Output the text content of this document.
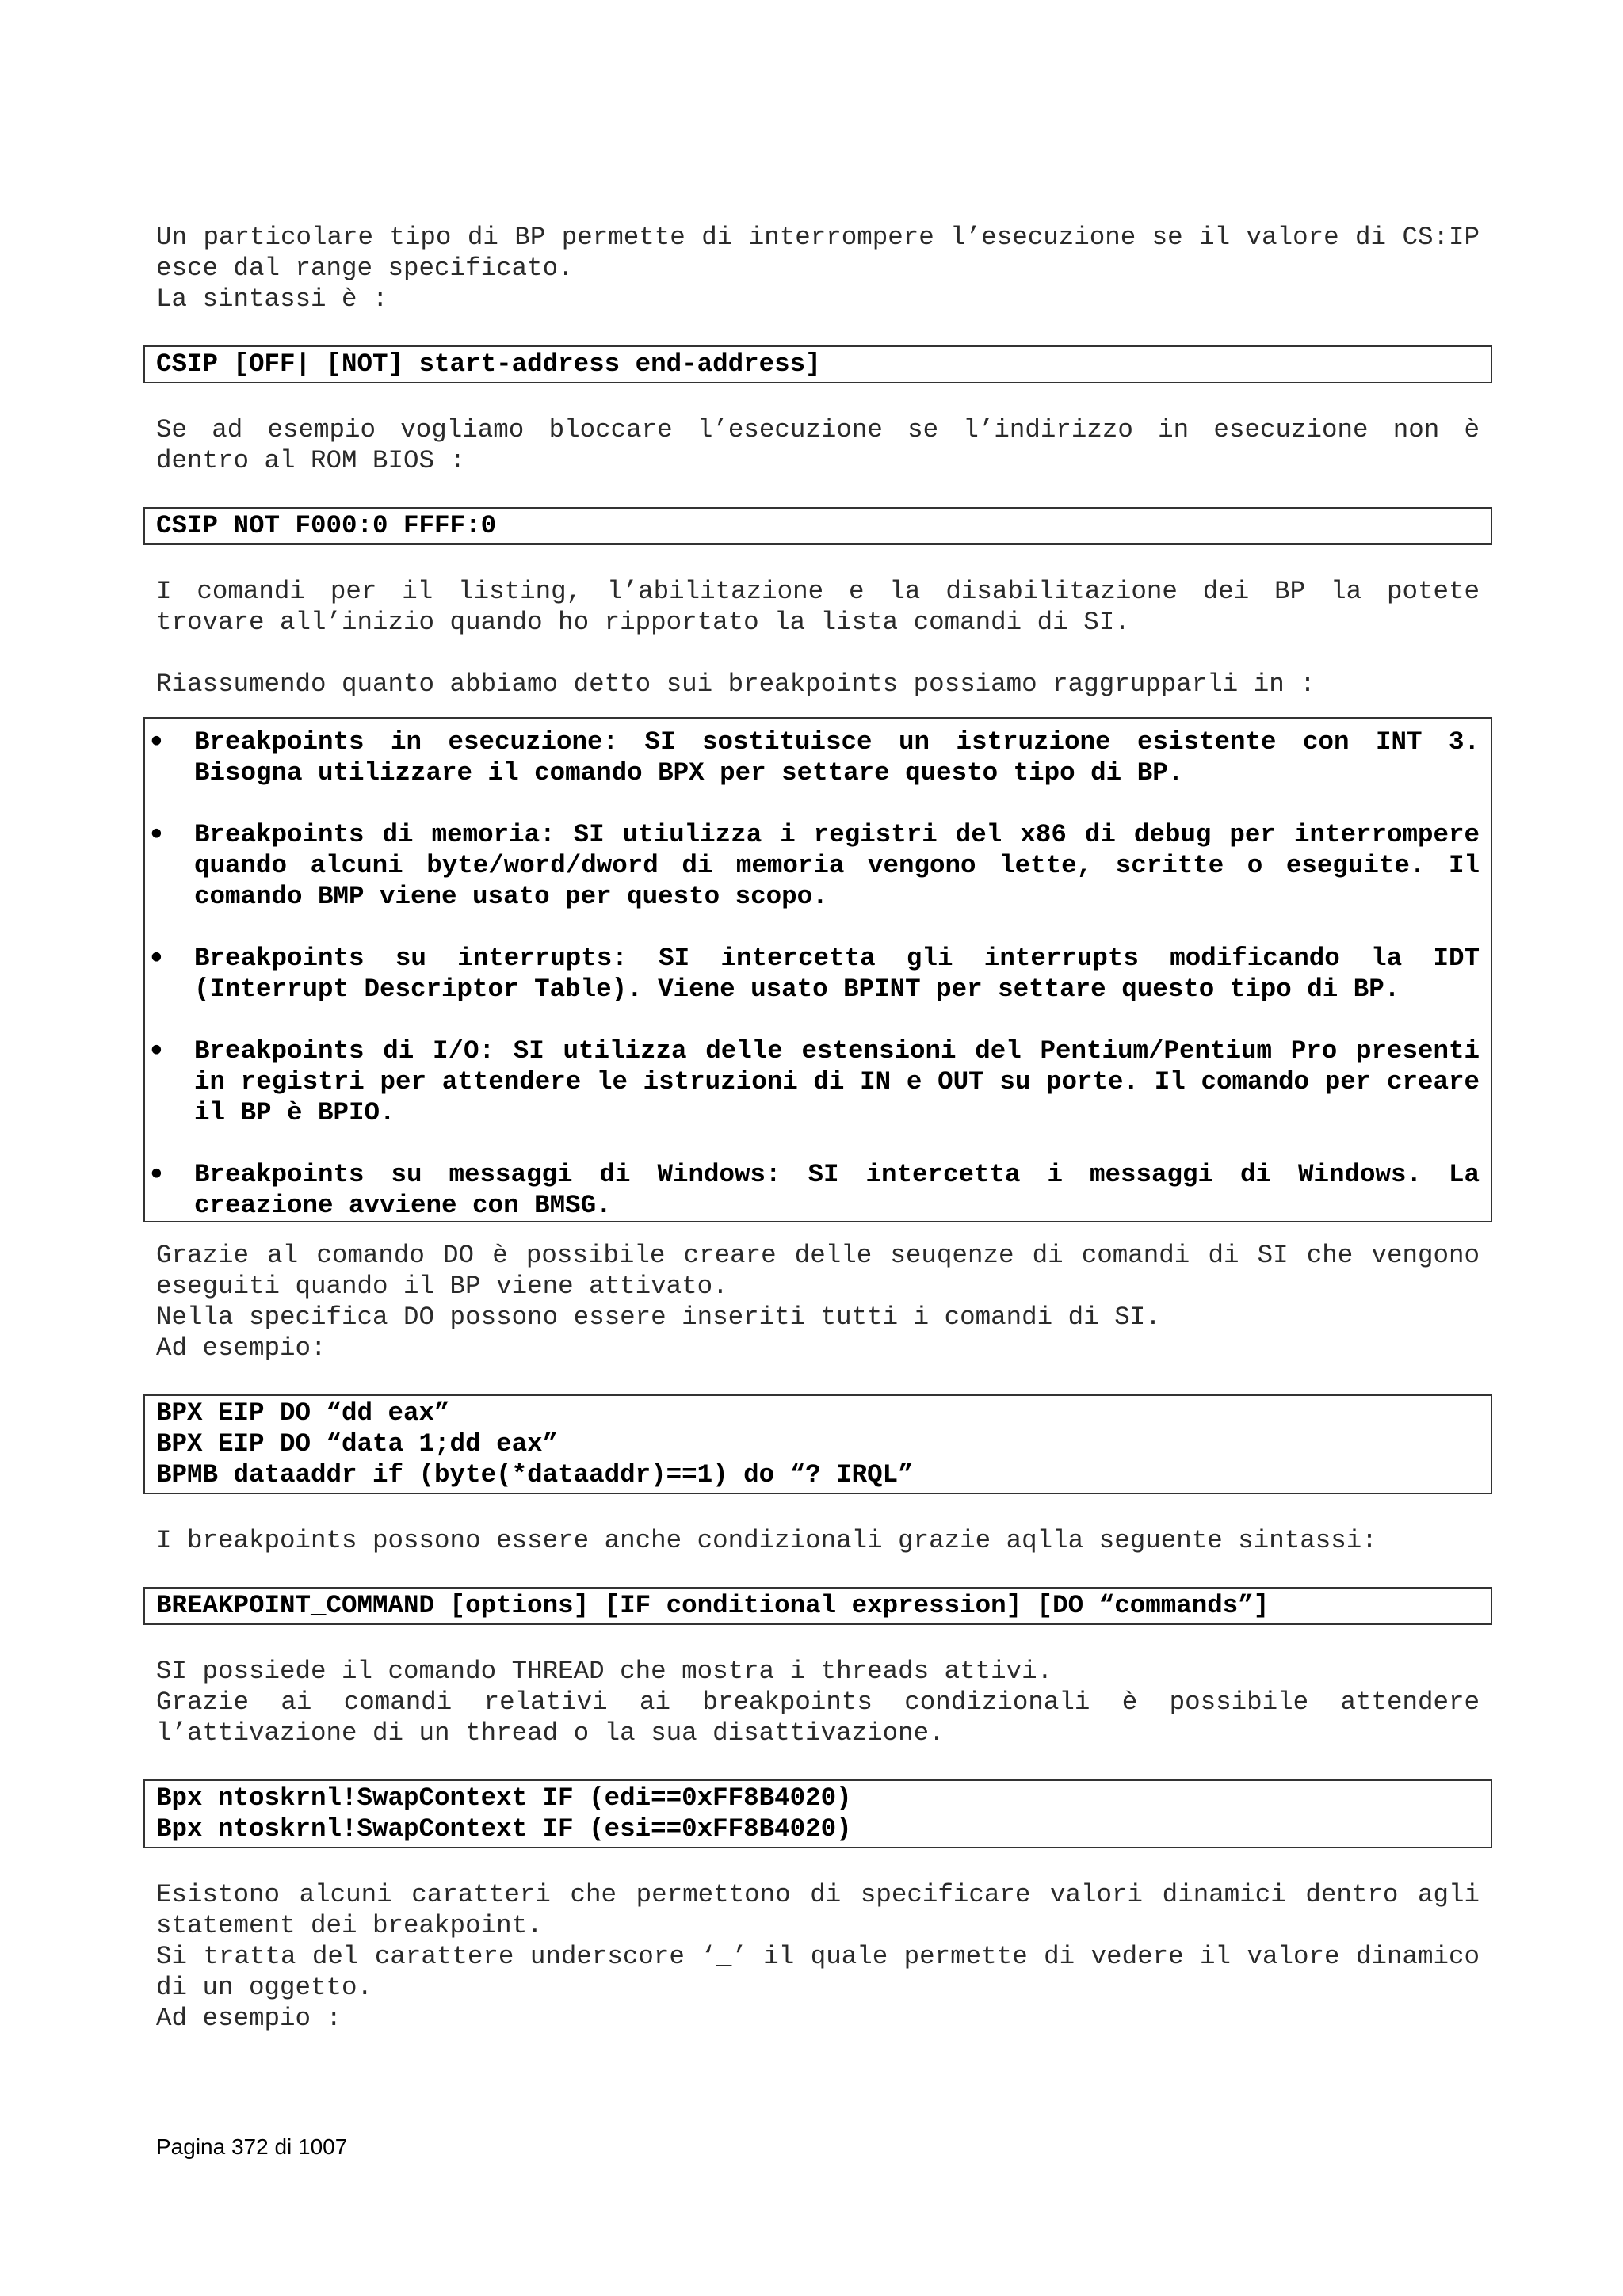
Un particolare tipo di BP permette di interrompere l’esecuzione se il valore di CS:IP esce dal range specificato.

La sintassi è :

CSIP [OFF| [NOT] start-address end-address]

Se ad esempio vogliamo bloccare l’esecuzione se l’indirizzo in esecuzione non è dentro al ROM BIOS :

CSIP NOT F000:0 FFFF:0

I comandi per il listing, l’abilitazione e la disabilitazione dei BP la potete trovare all’inizio quando ho ripportato la lista comandi di SI.

Riassumendo quanto abbiamo detto sui breakpoints possiamo raggrupparli in :

• Breakpoints in esecuzione: SI sostituisce un istruzione esistente con INT 3. Bisogna utilizzare il comando BPX per settare questo tipo di BP.
• Breakpoints di memoria: SI utiulizza i registri del x86 di debug per interrompere quando alcuni byte/word/dword di memoria vengono lette, scritte o eseguite. Il comando BMP viene usato per questo scopo.
• Breakpoints su interrupts: SI intercetta gli interrupts modificando la IDT (Interrupt Descriptor Table). Viene usato BPINT per settare questo tipo di BP.
• Breakpoints di I/O: SI utilizza delle estensioni del Pentium/Pentium Pro presenti in registri per attendere le istruzioni di IN e OUT su porte. Il comando per creare il BP è BPIO.
• Breakpoints su messaggi di Windows: SI intercetta i messaggi di Windows. La creazione avviene con BMSG.

Grazie al comando DO è possibile creare delle seuqenze di comandi di SI che vengono eseguiti quando il BP viene attivato.

Nella specifica DO possono essere inseriti tutti i comandi di SI.

Ad esempio:

BPX EIP DO “dd eax”
BPX EIP DO “data 1;dd eax”
BPMB dataaddr if (byte(*dataaddr)==1) do “? IRQL”

I breakpoints possono essere anche condizionali grazie aqlla seguente sintassi:

BREAKPOINT_COMMAND [options] [IF conditional expression] [DO “commands”]

SI possiede il comando THREAD che mostra i threads attivi.

Grazie ai comandi relativi ai breakpoints condizionali è possibile attendere l’attivazione di un thread o la sua disattivazione.

Bpx ntoskrnl!SwapContext IF (edi==0xFF8B4020)
Bpx ntoskrnl!SwapContext IF (esi==0xFF8B4020)

Esistono alcuni caratteri che permettono di specificare valori dinamici dentro agli statement dei breakpoint.

Si tratta del carattere underscore ‘_’ il quale permette di vedere il valore dinamico di un oggetto.

Ad esempio :

Pagina 372 di 1007
